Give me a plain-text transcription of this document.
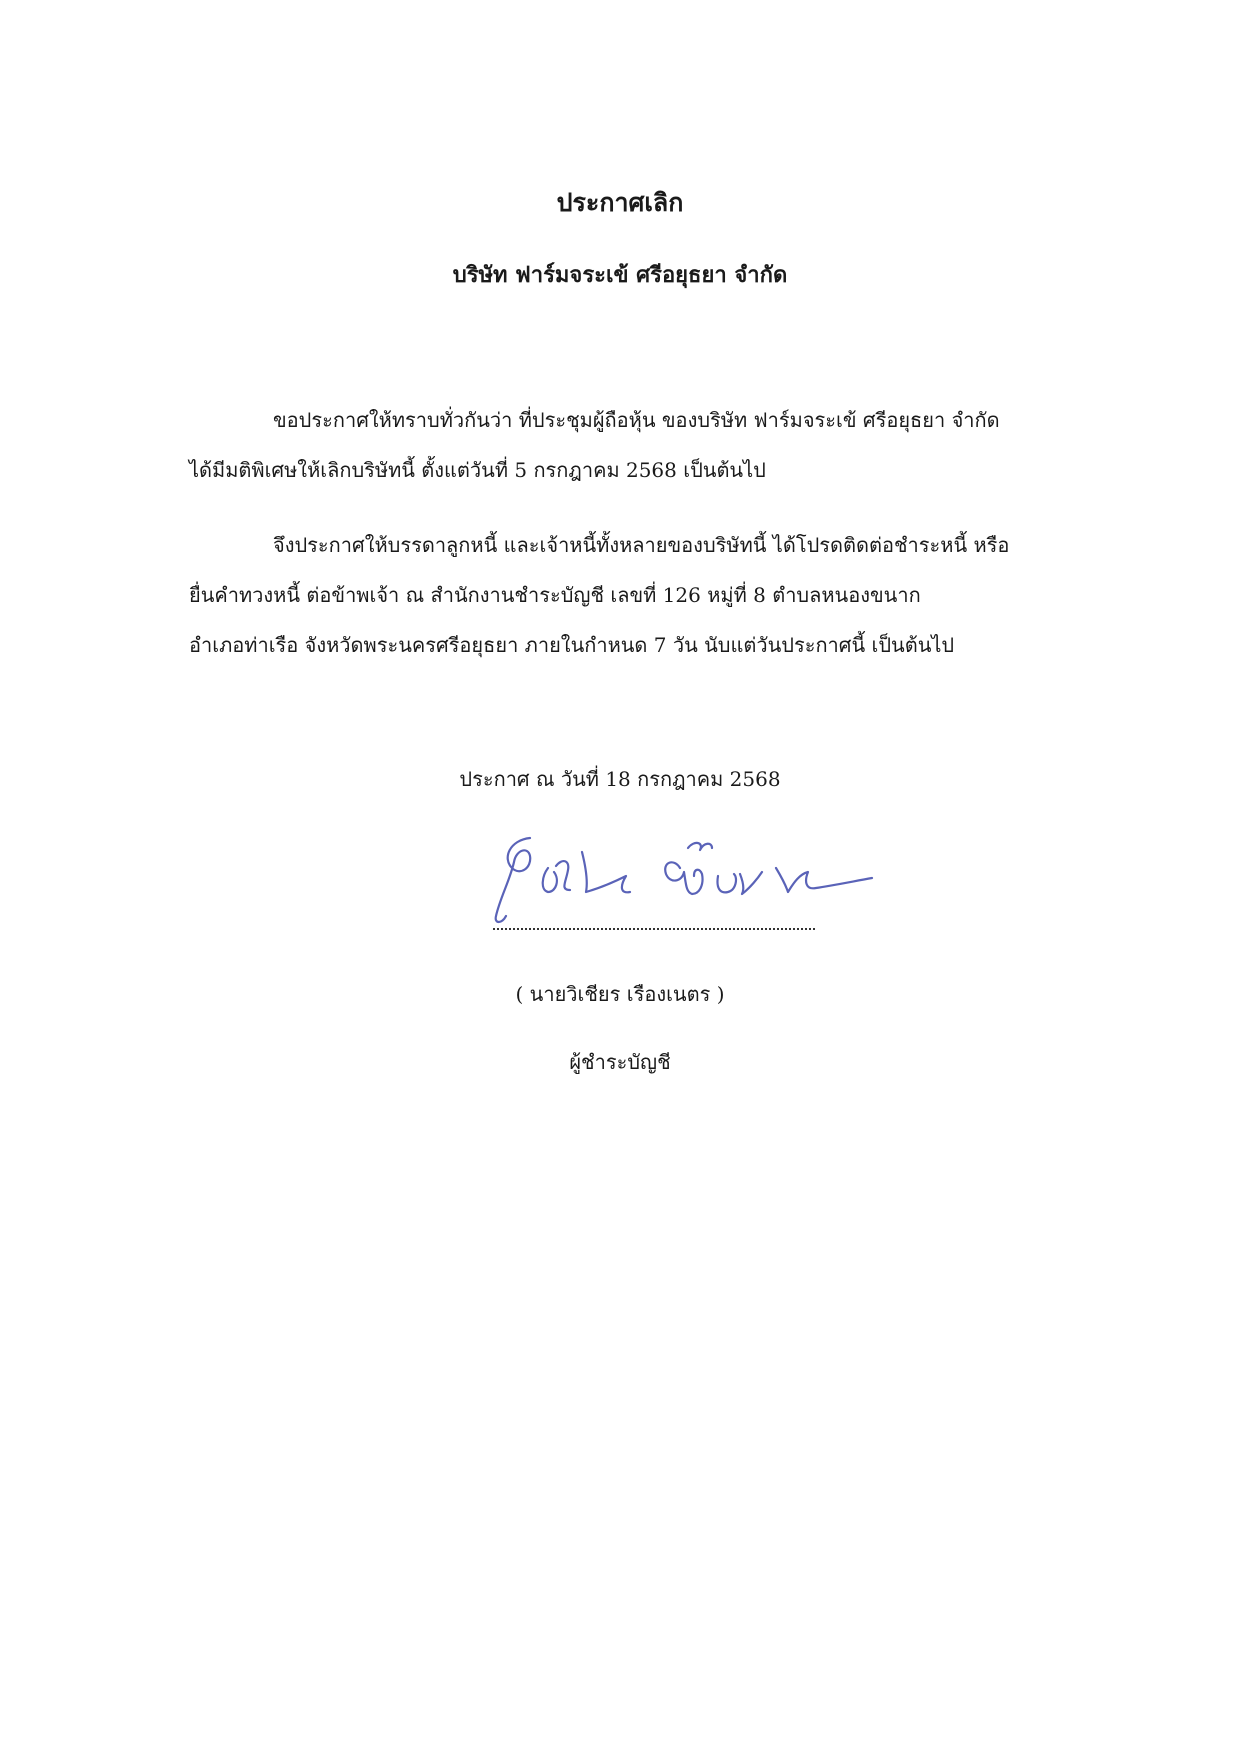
ประกาศเลิก
บริษัท ฟาร์มจระเข้ ศรีอยุธยา จำกัด
ขอประกาศให้ทราบทั่วกันว่า ที่ประชุมผู้ถือหุ้น ของบริษัท ฟาร์มจระเข้ ศรีอยุธยา จำกัด
ได้มีมติพิเศษให้เลิกบริษัทนี้ ตั้งแต่วันที่ 5 กรกฎาคม 2568 เป็นต้นไป
จึงประกาศให้บรรดาลูกหนี้ และเจ้าหนี้ทั้งหลายของบริษัทนี้ ได้โปรดติดต่อชำระหนี้ หรือ
ยื่นคำทวงหนี้ ต่อข้าพเจ้า ณ สำนักงานชำระบัญชี เลขที่ 126 หมู่ที่ 8 ตำบลหนองขนาก
อำเภอท่าเรือ จังหวัดพระนครศรีอยุธยา ภายในกำหนด 7 วัน นับแต่วันประกาศนี้ เป็นต้นไป
ประกาศ ณ วันที่ 18 กรกฎาคม 2568
( นายวิเชียร เรืองเนตร )
ผู้ชำระบัญชี
